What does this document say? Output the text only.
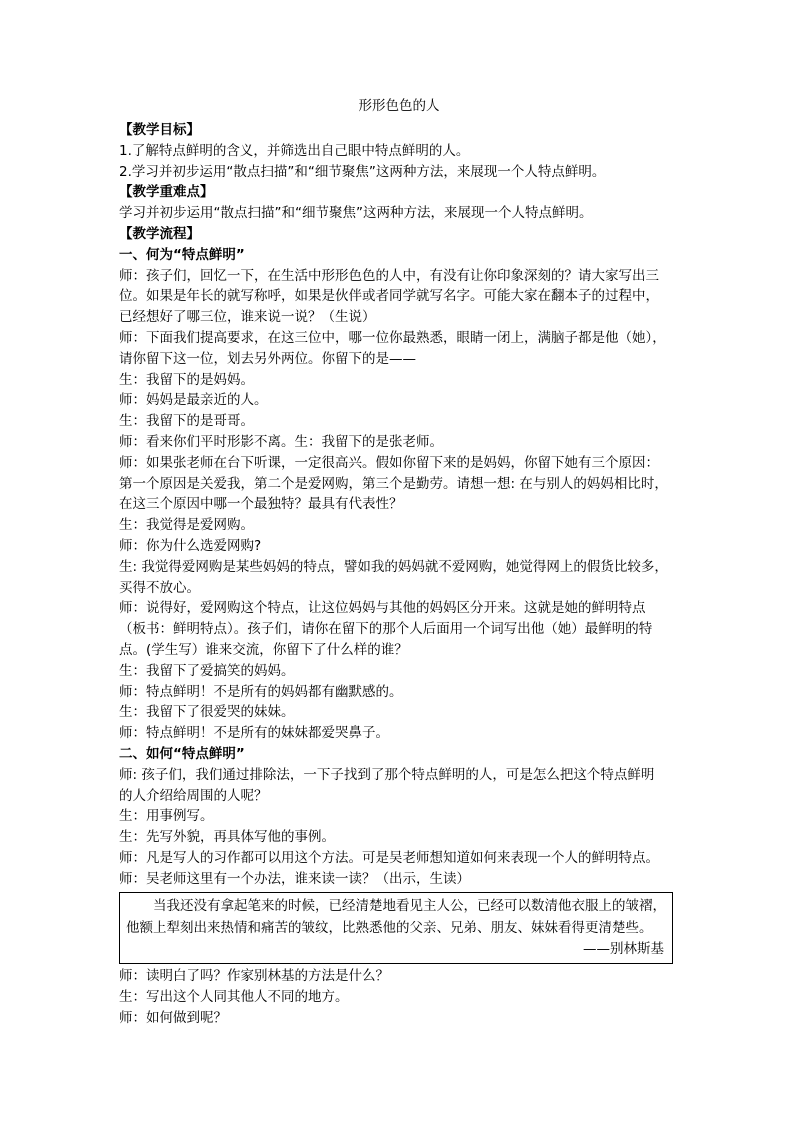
形形色色的人

【教学目标】

1.了解特点鲜明的含义，并筛选出自己眼中特点鲜明的人。

2.学习并初步运用“散点扫描”和“细节聚焦”这两种方法，来展现一个人特点鲜明。

【教学重难点】

学习并初步运用“散点扫描”和“细节聚焦”这两种方法，来展现一个人特点鲜明。

【教学流程】

一、何为“特点鲜明”

师：孩子们，回忆一下，在生活中形形色色的人中，有没有让你印象深刻的？请大家写出三

位。如果是年长的就写称呼，如果是伙伴或者同学就写名字。可能大家在翻本子的过程中，

已经想好了哪三位，谁来说一说？（生说）

师：下面我们提高要求，在这三位中，哪一位你最熟悉，眼睛一闭上，满脑子都是他（她），

请你留下这一位，划去另外两位。你留下的是——

生：我留下的是妈妈。

师：妈妈是最亲近的人。

生：我留下的是哥哥。

师：看来你们平时形影不离。生：我留下的是张老师。

师：如果张老师在台下听课，一定很高兴。假如你留下来的是妈妈，你留下她有三个原因：

第一个原因是关爱我，第二个是爱网购，第三个是勤劳。请想一想: 在与别人的妈妈相比时，

在这三个原因中哪一个最独特？最具有代表性？

生：我觉得是爱网购。

师：你为什么选爱网购?

生: 我觉得爱网购是某些妈妈的特点，譬如我的妈妈就不爱网购，她觉得网上的假货比较多，

买得不放心。

师：说得好，爱网购这个特点，让这位妈妈与其他的妈妈区分开来。这就是她的鲜明特点

（板书：鲜明特点）。孩子们，请你在留下的那个人后面用一个词写出他（她）最鲜明的特

点。(学生写）谁来交流，你留下了什么样的谁？

生：我留下了爱搞笑的妈妈。

师：特点鲜明！不是所有的妈妈都有幽默感的。

生：我留下了很爱哭的妹妹。

师：特点鲜明！不是所有的妹妹都爱哭鼻子。

二、如何“特点鲜明”

师: 孩子们，我们通过排除法，一下子找到了那个特点鲜明的人，可是怎么把这个特点鲜明

的人介绍给周围的人呢？

生：用事例写。

生：先写外貌，再具体写他的事例。

师：凡是写人的习作都可以用这个方法。可是吴老师想知道如何来表现一个人的鲜明特点。

师：吴老师这里有一个办法，谁来读一读？（出示，生读）

当我还没有拿起笔来的时候，已经清楚地看见主人公，已经可以数清他衣服上的皱褶，他额上犁刻出来热情和痛苦的皱纹，比熟悉他的父亲、兄弟、朋友、妹妹看得更清楚些。

——别林斯基

师：读明白了吗？作家别林基的方法是什么？

生：写出这个人同其他人不同的地方。

师：如何做到呢？
